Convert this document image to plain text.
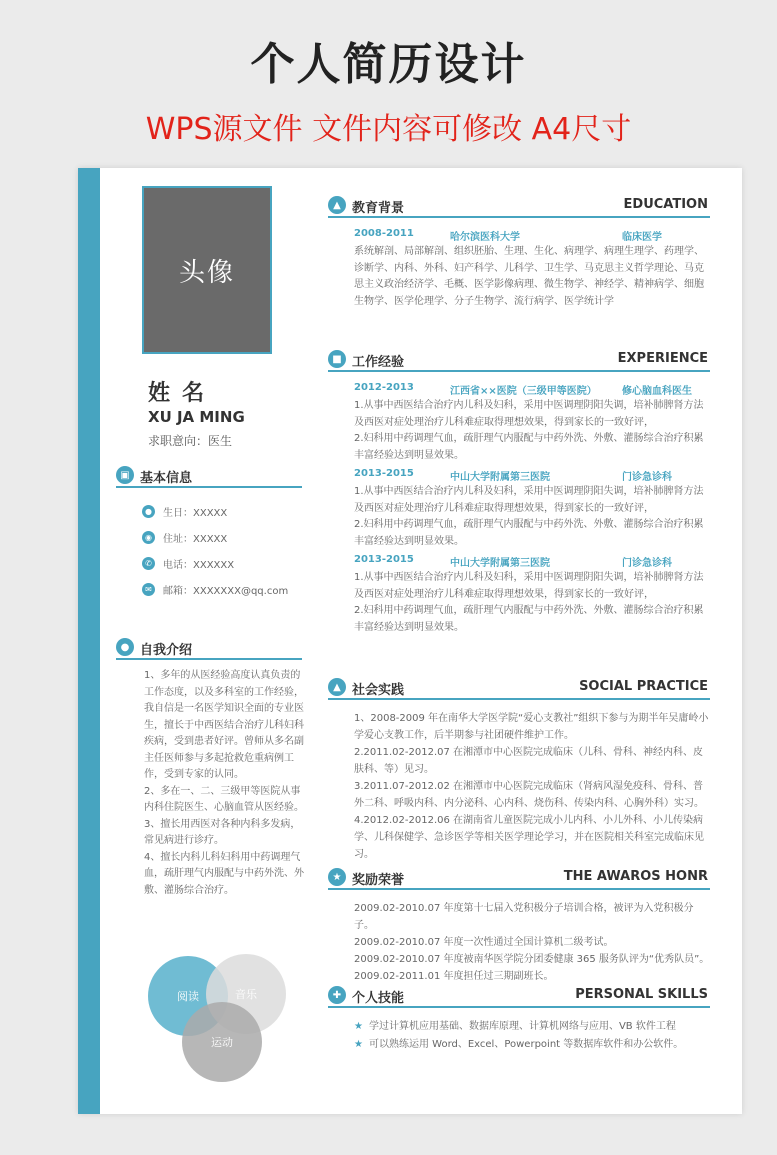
个人简历设计
WPS源文件 文件内容可修改 A4尺寸
头像
姓名
XU JA MING
求职意向：医生
▣ 基本信息
●	生日：XXXXX
◉	住址：XXXXX
✆	电话：XXXXXX
✉	邮箱：XXXXXXX@qq.com
● 自我介绍

1、多年的从医经验高度认真负责的工作态度，以及多科室的工作经验，我自信是一名医学知识全面的专业医生，擅长于中西医结合治疗儿科妇科疾病，受到患者好评。曾师从多名副主任医师参与多起抢救危重病例工作，受到专家的认同。

2、多在一、二、三级甲等医院从事内科住院医生、心脑血管从医经验。

3、擅长用西医对各种内科多发病，常见病进行诊疗。

4、擅长内科儿科妇科用中药调理气血，疏肝理气内服配与中药外洗、外敷、灌肠综合治疗。

阅读	音乐
运动
▲ 教育背景	EDUCATION
2008-2011	哈尔滨医科大学	临床医学
系统解剖、局部解剖、组织胚胎、生理、生化、病理学、病理生理学、药理学、诊断学、内科、外科、妇产科学、儿科学、卫生学、马克思主义哲学理论、马克思主义政治经济学、毛概、医学影像病理、微生物学、神经学、精神病学、细胞生物学、医学伦理学、分子生物学、流行病学、医学统计学
■ 工作经验	EXPERIENCE
2012-2013	江西省××医院（三级甲等医院）	修心脑血科医生
1.从事中西医结合治疗内儿科及妇科，采用中医调理阴阳失调，培补肺脾肾方法及西医对症处理治疗儿科难症取得理想效果，得到家长的一致好评，
2.妇科用中药调理气血，疏肝理气内服配与中药外洗、外敷、灌肠综合治疗积累丰富经验达到明显效果。
2013-2015	中山大学附属第三医院	门诊急诊科
1.从事中西医结合治疗内儿科及妇科，采用中医调理阴阳失调，培补肺脾肾方法及西医对症处理治疗儿科难症取得理想效果，得到家长的一致好评，
2.妇科用中药调理气血，疏肝理气内服配与中药外洗、外敷、灌肠综合治疗积累丰富经验达到明显效果。
2013-2015	中山大学附属第三医院	门诊急诊科
1.从事中西医结合治疗内儿科及妇科，采用中医调理阴阳失调，培补肺脾肾方法及西医对症处理治疗儿科难症取得理想效果，得到家长的一致好评，
2.妇科用中药调理气血，疏肝理气内服配与中药外洗、外敷、灌肠综合治疗积累丰富经验达到明显效果。
▲ 社会实践	SOCIAL PRACTICE
1、2008-2009 年在南华大学医学院“爱心支教社”组织下参与为期半年吴庸岭小学爱心支教工作，后半期参与社团硬件维护工作。
2.2011.02-2012.07 在湘潭市中心医院完成临床（儿科、骨科、神经内科、皮肤科、等）见习。
3.2011.07-2012.02 在湘潭市中心医院完成临床（肾病风湿免疫科、骨科、普外二科、呼吸内科、内分泌科、心内科、烧伤科、传染内科、心胸外科）实习。
4.2012.02-2012.06 在湖南省儿童医院完成小儿内科、小儿外科、小儿传染病学、儿科保健学、急诊医学等相关医学理论学习，并在医院相关科室完成临床见习。
★ 奖励荣誉	THE AWAROS HONR
2009.02-2010.07 年度第十七届入党积极分子培训合格，被评为入党积极分子。
2009.02-2010.07 年度一次性通过全国计算机二级考试。
2009.02-2010.07 年度被南华医学院分团委健康 365 服务队评为“优秀队员”。
2009.02-2011.01 年度担任过三期副班长。
✚ 个人技能	PERSONAL SKILLS
★ 学过计算机应用基础、数据库原理、计算机网络与应用、VB 软件工程
★ 可以熟练运用 Word、Excel、Powerpoint 等数据库软件和办公软件。
